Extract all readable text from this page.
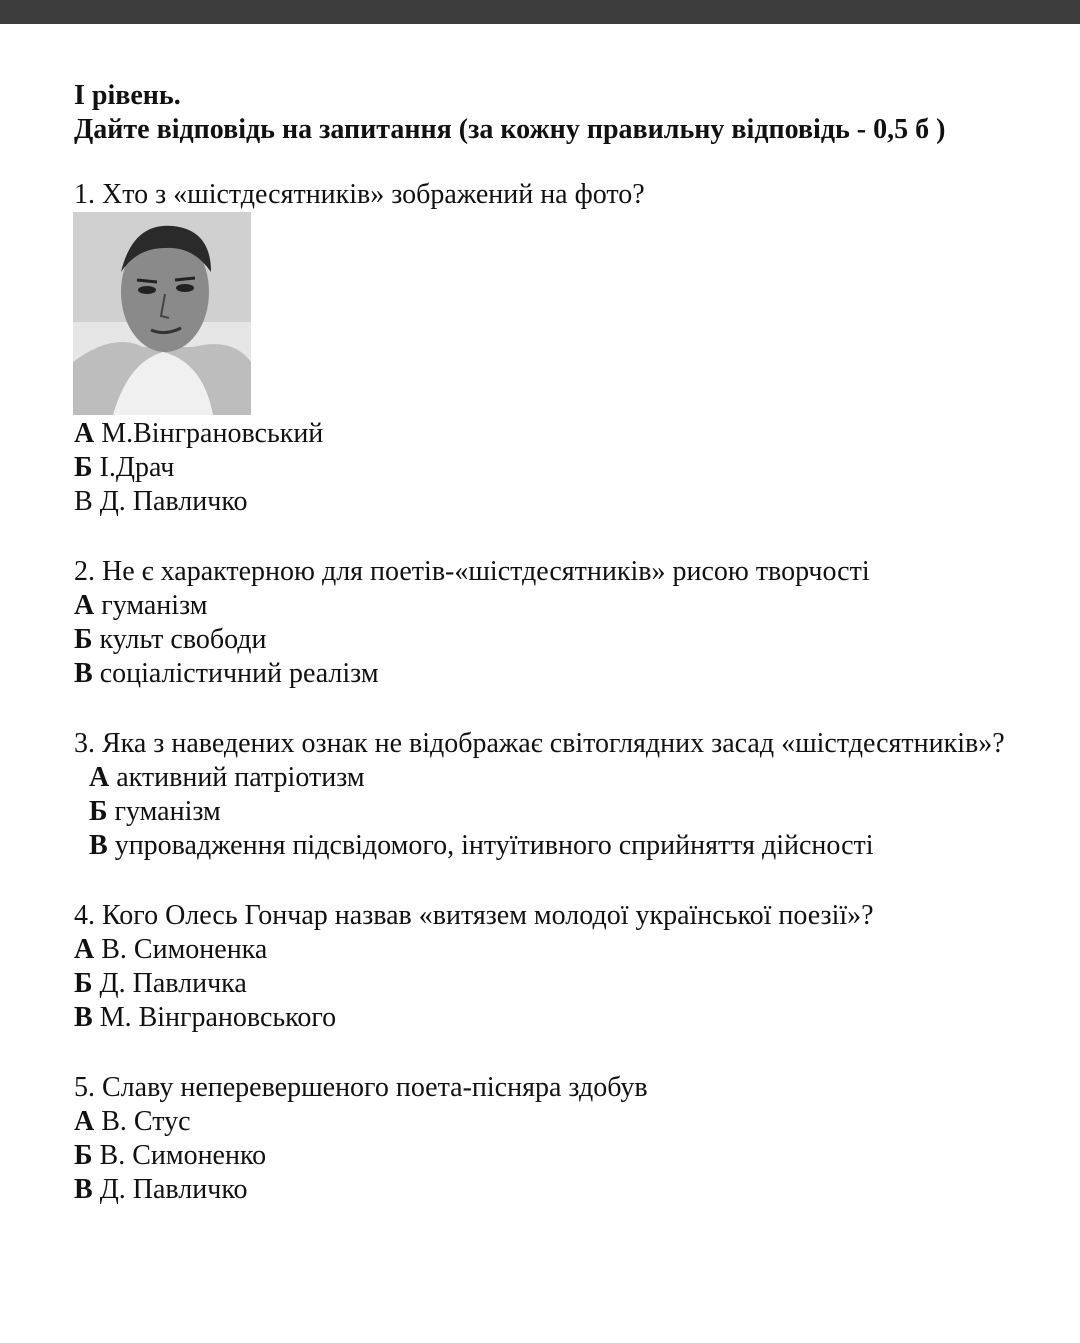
І рівень.
Дайте відповідь на запитання (за кожну правильну відповідь - 0,5 б )
1. Хто з «шістдесятників» зображений на фото?
А М.Вінграновський
Б І.Драч
В Д. Павличко
2. Не є характерною для поетів-«шістдесятників» рисою творчості
А гуманізм
Б культ свободи
В соціалістичний реалізм
3. Яка з наведених ознак не відображає світоглядних засад «шістдесятників»?
А активний патріотизм
Б гуманізм
В упровадження підсвідомого, інтуїтивного сприйняття дійсності
4. Кого Олесь Гончар назвав «витязем молодої української поезії»?
А В. Симоненка
Б Д. Павличка
В М. Вінграновського
5. Славу неперевершеного поета-пісняра здобув
А В. Стус
Б В. Симоненко
В Д. Павличко
